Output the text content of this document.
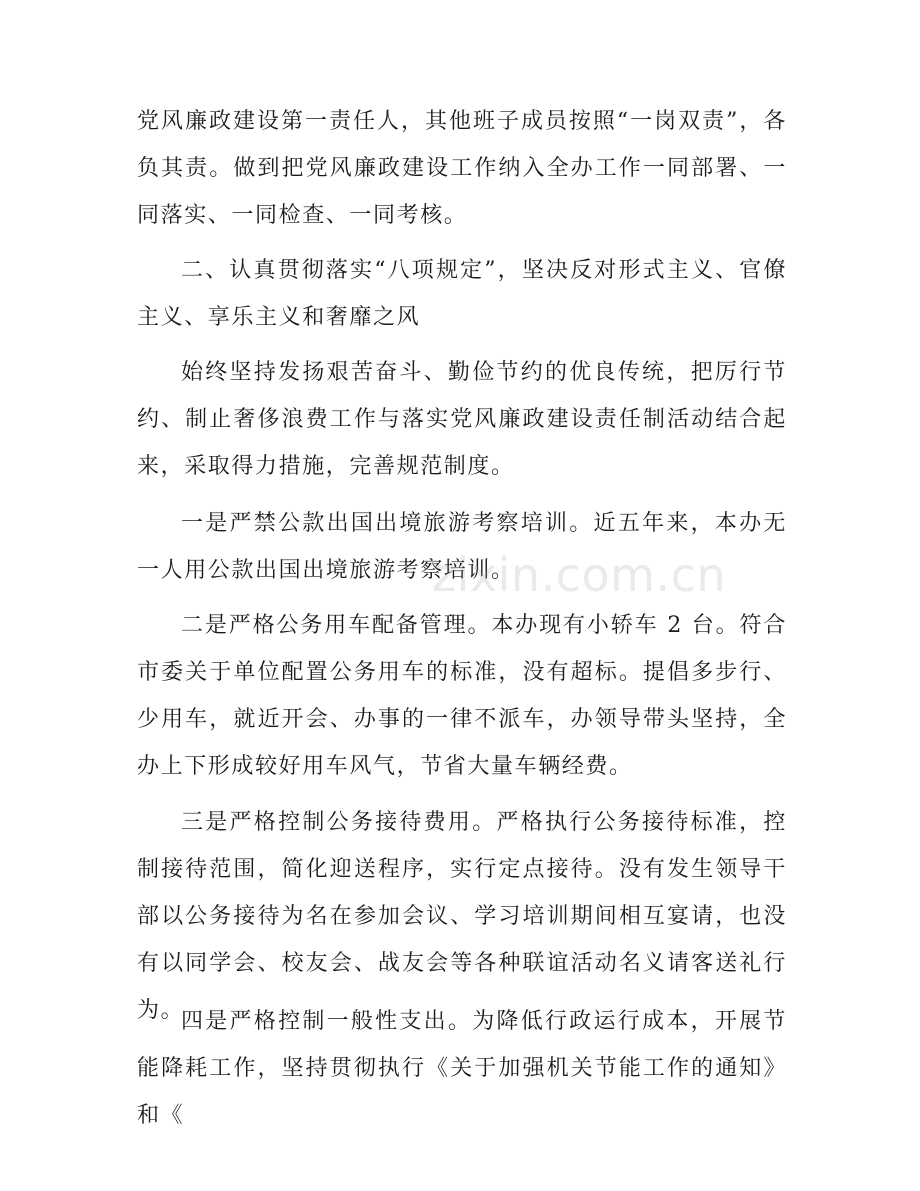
党风廉政建设第一责任人，其他班子成员按照“一岗双责”，各负其责。做到把党风廉政建设工作纳入全办工作一同部署、一同落实、一同检查、一同考核。

二、认真贯彻落实“八项规定”，坚决反对形式主义、官僚主义、享乐主义和奢靡之风

始终坚持发扬艰苦奋斗、勤俭节约的优良传统，把厉行节约、制止奢侈浪费工作与落实党风廉政建设责任制活动结合起来，采取得力措施，完善规范制度。

一是严禁公款出国出境旅游考察培训。近五年来，本办无一人用公款出国出境旅游考察培训。

二是严格公务用车配备管理。本办现有小轿车 2 台。符合市委关于单位配置公务用车的标准，没有超标。提倡多步行、少用车，就近开会、办事的一律不派车，办领导带头坚持，全办上下形成较好用车风气，节省大量车辆经费。

三是严格控制公务接待费用。严格执行公务接待标准，控制接待范围，简化迎送程序，实行定点接待。没有发生领导干部以公务接待为名在参加会议、学习培训期间相互宴请，也没有以同学会、校友会、战友会等各种联谊活动名义请客送礼行为。

四是严格控制一般性支出。为降低行政运行成本，开展节能降耗工作，坚持贯彻执行《关于加强机关节能工作的通知》和《

zixin.com.cn
